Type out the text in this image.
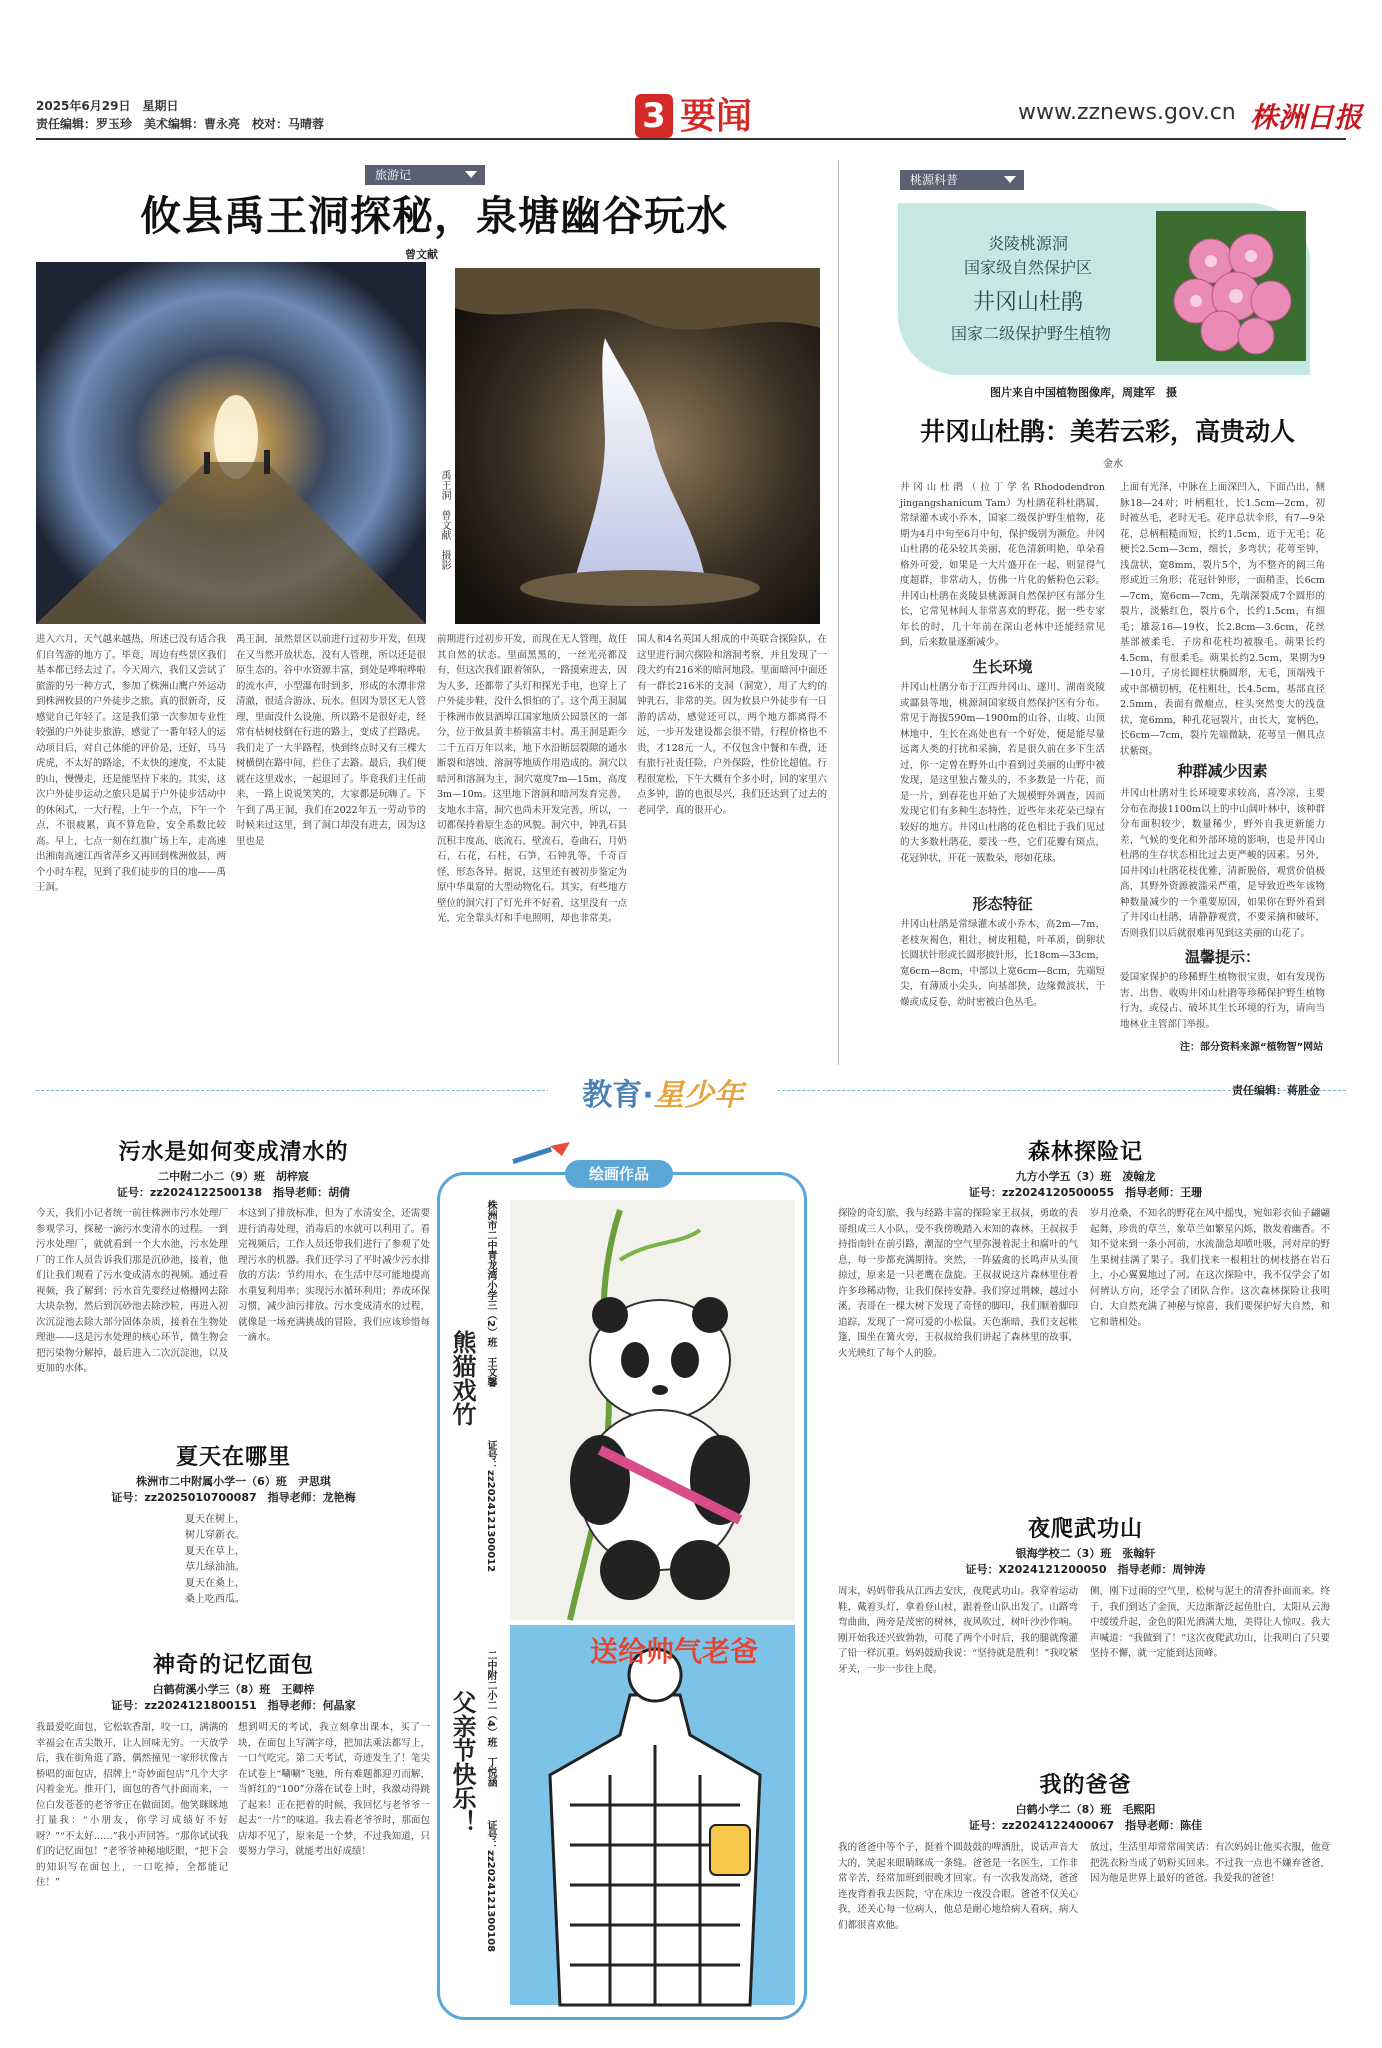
2025年6月29日　星期日
责任编辑：罗玉珍　美术编辑：曹永亮　校对：马晴蓉	3 要闻	www.zznews.gov.cn 株洲日报
旅游记
攸县禹王洞探秘，泉塘幽谷玩水
曾文献
禹王洞　曾文献　摄影
进入六月，天气越来越热，所述已没有适合我们自驾游的地方了。毕竟，周边有些景区我们基本都已经去过了。今天周六，我们又尝试了旅游的另一种方式，参加了株洲山鹰户外运动到株洲攸县的户外徒步之旅。真的很新奇，反感觉自己年轻了。这是我们第一次参加专业性较强的户外徒步旅游，感觉了一番年轻人的运动项目后，对自己体能的评价是，还好，马马虎虎，不太好的路途，不太快的速度，不太陡的山，慢慢走，还是能坚持下来的。其实，这次户外徒步运动之旅只是属于户外徒步活动中的休闲式，一大行程，上午一个点，下午一个点，不很疲累，真不算危险，安全系数比较高。早上，七点一刻在红旗广场上车，走高速出湘南高速江西省萍乡又再回到株洲攸县，两个小时车程，见到了我们徒步的目的地——禹王洞。
禹王洞，虽然景区以前进行过初步开发，但现在又当然开放状态，没有人管理，所以还是很原生态的。谷中水资源丰富，到处是哗啦哗啦的流水声，小型瀑布时到多，形成的水潭非常清澈，很适合游泳、玩水。但因为景区无人管理，里面没什么设施，所以路不是很好走，经常有枯树枝倒在行进的路上，变成了拦路虎。我们走了一大半路程，快到终点时又有三棵大树横倒在路中间，拦住了去路。最后，我们便就在这里戏水，一起退回了。毕竟我们主任前来，一路上说说笑笑的，大家都是玩嗨了。下午到了禹王洞，我们在2022年五一劳动节的时候来过这里，到了洞口却没有进去，因为这里也是
前期进行过初步开发，而现在无人管理，故任其自然的状态。里面黑黑的，一丝光亮都没有，但这次我们跟着领队，一路摸索进去，因为人多，还都带了头灯和探光手电，也穿上了户外徒步鞋，没什么惧怕的了。这个禹王洞属于株洲市攸县酒埠江国家地质公园景区的一部分，位于攸县黄丰桥镇富丰村。禹王洞是距今二千五百万年以来，地下水沿断层裂隙的通水断裂和溶蚀、溶洞等地质作用造成的。洞穴以暗河和溶洞为主，洞穴宽度7m—15m，高度3m—10m。这里地下溶洞和暗河发育完善，支地水丰富，洞穴也尚未开发完善，所以，一切都保持着原生态的风貌。洞穴中，钟乳石县沉积丰度高，底流石，壁流石，卷曲石，月奶石，石花，石柱，石笋，石钟乳等，千奇百怪，形态各异。据说，这里还有被初步鉴定为原中华巢窟的大型动物化石。其实，有些地方壁位的洞穴打了灯光并不好看，这里没有一点光，完全靠头灯和手电照明，却也非常美。
国人和4名英国人组成的中英联合探险队，在这里进行洞穴探险和溶洞考察，并且发现了一段大约有216米的暗河地段。里面暗河中面还有一群长216米的支洞（洞宽），用了大约的钟乳石，非常的美。因为攸县户外徒步有一日游的活动，感觉还可以，两个地方都离得不远，一步开发建设都会很不错，行程价格也不贵，才128元一人，不仅包含中餐和车费，还有旅行社责任险，户外保险，性价比超值。行程很宽松，下午大概有个多小时，回的家里六点多钟，游的也很尽兴，我们还达到了过去的老同学，真的很开心。
桃源科普
炎陵桃源洞
国家级自然保护区
井冈山杜鹃
国家二级保护野生植物
图片来自中国植物图像库，周建军　摄
井冈山杜鹃：美若云彩，高贵动人
金水
井冈山杜鹃（拉丁学名Rhododendron jingangshanicum Tam）为杜鹃花科杜鹃属，常绿灌木或小乔木，国家二级保护野生植物，花期为4月中旬至6月中旬，保护级别为濒危。井冈山杜鹃的花朵较其美丽，花色清新明艳，单朵看格外可爱，如果是一大片盛开在一起，则显得气度超群，非常动人，仿佛一片化的紫粉色云彩。井冈山杜鹃在炎陵县桃源洞自然保护区有部分生长，它常见林间人非常喜欢的野花，据一些专家年长的时，几十年前在深山老林中还能经常见到，后来数量逐渐减少。
生长环境
井冈山杜鹃分布于江西井冈山、遂川、湖南炎陵或酃县等地，桃源洞国家级自然保护区有分布。常见于海拔590m—1900m的山谷、山坡、山顶林地中，生长在高处也有一个好处，便是能尽量远离人类的打扰和采摘，若是很久前在多下生活过，你一定曾在野外山中看到过美丽的山野中被发现，是这里独占鳌头的，不多数是一片花，而是一片，到春花也开始了大规模野外调查，因而发现它们有多种生态特性，近些年来花朵已绿有较好的地方。井冈山杜鹃的花色相比于我们见过的大多数杜鹃花，要浅一些，它们花瓣有斑点，花冠钟状，开花一簇数朵，形如花球。
形态特征
井冈山杜鹃是常绿灌木或小乔木，高2m—7m，老枝灰褐色，粗壮，树皮粗糙，叶革质，倒卵状长圆状针形或长圆形披针形，长18cm—33cm，宽6cm—8cm，中部以上宽6cm—8cm，先端短尖，有薄质小尖头，向基部狭，边缘微波状，干燥或成反卷，幼时密被白色丛毛。
上面有光泽，中脉在上面深凹入，下面凸出，侧脉18—24对；叶柄粗壮，长1.5cm—2cm，初时被丛毛，老时无毛。花序总状伞形，有7—9朵花，总柄粗糙而短，长约1.5cm，近于无毛；花梗长2.5cm—3cm，细长，多弯状；花萼至钟，浅盘状，宽8mm，裂片5个，为不整齐的阔三角形或近三角形；花冠针钟形，一面稍歪，长6cm—7cm，宽6cm—7cm，先端深裂成7个圆形的裂片，淡紫红色，裂片6个，长约1.5cm，有细毛；雄蕊16—19枚，长2.8cm—3.6cm，花丝基部被柔毛，子房和花柱均被腺毛。蒴果长约4.5cm，有很柔毛。蒴果长约2.5cm，果期为9—10月，子房长圆柱状椭圆形，无毛，顶端残干或中部横切柄，花柱粗壮，长4.5cm，基部直径2.5mm，表面有微瘤点，柱头突然变大的浅盘状，宽6mm，种孔花冠裂片，由长大，宽柄色，长6cm—7cm，裂片先端微缺，花萼呈一侧具点状紫斑。
种群减少因素
井冈山杜鹃对生长环境要求较高，喜冷凉，主要分布在海拔1100m以上的中山阔叶林中，该种群分布面积较少，数量稀少，野外自我更新能力差，气候的变化和外部环境的影响，也是井冈山杜鹃的生存状态相比过去更严峻的因素。另外，国井冈山杜鹃花枝优雅，清新脱俗，观赏价值极高，其野外资源被滥采严重，是导致近些年该物种数量减少的一个重要原因，如果你在野外看到了井冈山杜鹃，请静静观赏，不要采摘和破坏，否则我们以后就很难再见到这美丽的山花了。
温馨提示：
爱国家保护的珍稀野生植物很宝贵，如有发现伤害、出售、收购井冈山杜鹃等珍稀保护野生植物行为，或侵占、破坏其生长环境的行为，请向当地林业主管部门举报。
注：部分资料来源“植物智”网站
教育·星少年	责任编辑：蒋胜金
污水是如何变成清水的
二中附二小二（9）班　胡梓宸
证号：zz2024122500138　指导老师：胡倩
今天，我们小记者统一前往株洲市污水处理厂参观学习，探秘一滴污水变清水的过程。一到污水处理厂，就就看到一个大水池，污水处理厂的工作人员告诉我们那是沉砂池，接着，他们让我们观看了污水变成清水的视频。通过看视频，我了解到：污水首先要经过格栅网去除大块杂物，然后到沉砂池去除沙粒，再进入初次沉淀池去除大部分固体杂质，接着在生物处理池——这是污水处理的核心环节，微生物会把污染物分解掉，最后进入二次沉淀池，以及更加的水体。
本这到了排放标准，但为了水清安全，还需要进行消毒处理，消毒后的水就可以利用了。看完视频后，工作人员还带我们进行了参观了处理污水的机器。我们还学习了平时减少污水排放的方法：节约用水，在生活中尽可能地提高水重复利用率；实现污水循环利用；养成环保习惯，减少油污排放。污水变成清水的过程，就像是一场充满挑战的冒险，我们应该珍惜每一滴水。
夏天在哪里
株洲市二中附属小学一（6）班　尹思琪
证号：zz2025010700087　指导老师：龙艳梅
夏天在树上，
树儿穿新衣。
夏天在草上，
草儿绿油油。
夏天在桑上，
桑上吃西瓜。
神奇的记忆面包
白鹤荷溪小学三（8）班　王卿梓
证号：zz2024121800151　指导老师：何晶家
我最爱吃面包，它松软香甜，咬一口，满满的幸福会在舌尖散开，让人回味无穷。一天放学后，我在街角逛了路，偶然撞见一家形状像古桥唱的面包店，招牌上“奇妙面包店”几个大字闪着金光。推开门，面包的香气扑面而来，一位白发苍苍的老爷爷正在做面团。他笑眯眯地打量我：“小朋友，你学习成绩好不好呀？”“不太好……”我小声回答。“那你试试我们的记忆面包！”老爷爷神秘地眨眼，“把下会的知识写在面包上，一口吃掉，全都能记住！”
想到明天的考试，我立刻拿出课本，买了一块，在面包上写满字母，把加法乘法都写上，一口气吃完。第二天考试，奇迹发生了！笔尖在试卷上“唰唰”飞驰，所有难题都迎刃而解，当鲜红的“100”分落在试卷上时，我激动得跳了起来！正在把着的时候，我回忆与老爷爷一起去“一片”的味道。我去看老爷爷时，那面包店却不见了，原来是一个梦，不过我知道，只要努力学习，就能考出好成绩！
绘画作品
熊猫戏竹 株洲市二中青龙湾小学三（2）班　王文馨
证号：zz2024121300012
父亲节快乐！ 二中附二小二（4）班　丁悦涵
证号：zz2024121300108
送给帅气老爸
森林探险记
九方小学五（3）班　凌翰龙
证号：zz2024120500055　指导老师：王珊
探险的奇幻旅，我与经路丰富的探险家王叔叔，勇敢的表哥组成三人小队，受不我傍晚踏入未知的森林。王叔叔手持指南针在前引路，潮湿的空气里弥漫着泥土和腐叶的气息，每一步都充满期待。突然，一阵猛禽的长鸣声从头顶掠过，原来是一只老鹰在盘旋。王叔叔说这片森林里住着许多珍稀动物，让我们保持安静。我们穿过荆棘，越过小溪，表哥在一棵大树下发现了奇怪的脚印，我们顺着脚印追踪，发现了一窝可爱的小松鼠。天色渐暗，我们支起帐篷，围坐在篝火旁，王叔叔给我们讲起了森林里的故事，火光映红了每个人的脸。
岁月沧桑，不知名的野花在风中摇曳，宛如彩衣仙子翩翩起舞，珍贵的草兰，象草兰如繁星闪烁，散发着幽香。不知不觉来到一条小河前，水流湍急却喷吐吸，河对岸的野生果树挂满了果子。我们找来一根粗壮的树枝搭在岩石上，小心翼翼地过了河。在这次探险中，我不仅学会了如何辨认方向，还学会了团队合作。这次森林探险让我明白，大自然充满了神秘与惊喜，我们要保护好大自然，和它和谐相处。
夜爬武功山
银海学校二（3）班　张翰轩
证号：X2024121200050　指导老师：周钟涛
周末，妈妈带我从江西去安庆，夜爬武功山。我穿着运动鞋，戴着头灯，拿着登山杖，跟着登山队出发了。山路弯弯曲曲，两旁是茂密的树林，夜风吹过，树叶沙沙作响。刚开始我还兴致勃勃，可爬了两个小时后，我的腿就像灌了铅一样沉重。妈妈鼓励我说：“坚持就是胜利！”我咬紧牙关，一步一步往上爬。
侧，刚下过雨的空气里，松树与泥土的清香扑面而来。终于，我们到达了金顶，天边渐渐泛起鱼肚白，太阳从云海中缓缓升起，金色的阳光洒满大地，美得让人惊叹。我大声喊道：“我做到了！”这次夜爬武功山，让我明白了只要坚持不懈，就一定能到达顶峰。
我的爸爸
白鹤小学二（8）班　毛熙阳
证号：zz2024122400067　指导老师：陈佳
我的爸爸中等个子，挺着个圆鼓鼓的啤酒肚，说话声音大大的，笑起来眼睛眯成一条缝。爸爸是一名医生，工作非常辛苦，经常加班到很晚才回家。有一次我发高烧，爸爸连夜背着我去医院，守在床边一夜没合眼。爸爸不仅关心我，还关心每一位病人，他总是耐心地给病人看病，病人们都很喜欢他。
放过，生活里却常常闹笑话：有次妈妈让他买衣服，他竟把洗衣粉当成了奶粉买回来。不过我一点也不嫌弃爸爸，因为他是世界上最好的爸爸。我爱我的爸爸！
